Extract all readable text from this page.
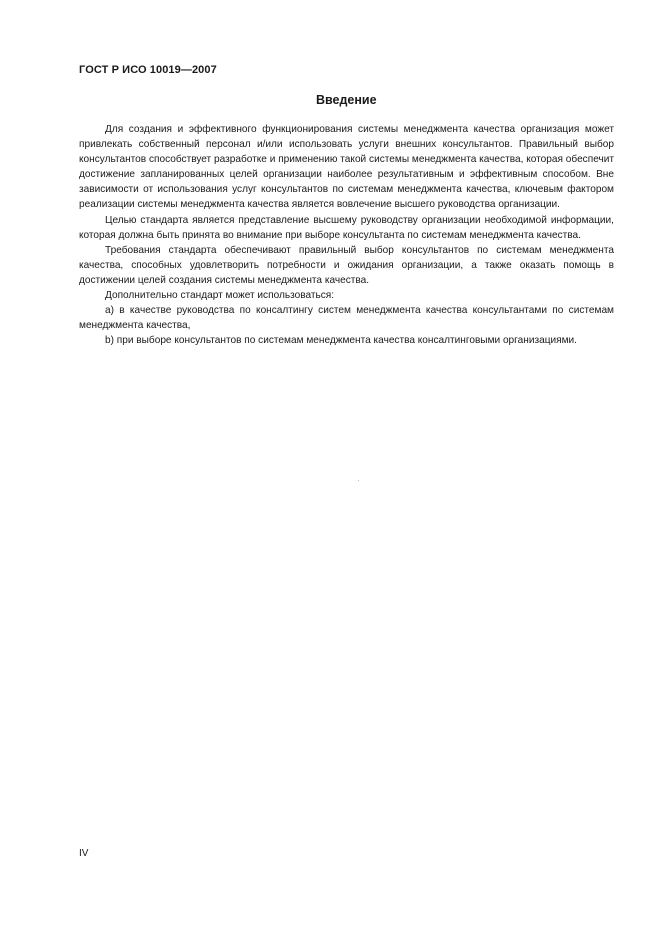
ГОСТ Р ИСО 10019—2007
Введение

Для создания и эффективного функционирования системы менеджмента качества организация может привлекать собственный персонал и/или использовать услуги внешних консультантов. Правильный выбор консультантов способствует разработке и применению такой системы менеджмента качества, которая обеспечит достижение запланированных целей организации наиболее результативным и эффективным способом. Вне зависимости от использования услуг консультантов по системам менеджмента качества, ключевым фактором реализации системы менеджмента качества является вовлечение высшего руководства организации.

Целью стандарта является представление высшему руководству организации необходимой информации, которая должна быть принята во внимание при выборе консультанта по системам менеджмента качества.

Требования стандарта обеспечивают правильный выбор консультантов по системам менеджмента качества, способных удовлетворить потребности и ожидания организации, а также оказать помощь в достижении целей создания системы менеджмента качества.

Дополнительно стандарт может использоваться:

a) в качестве руководства по консалтингу систем менеджмента качества консультантами по системам менеджмента качества,

b) при выборе консультантов по системам менеджмента качества консалтинговыми организациями.

IV
